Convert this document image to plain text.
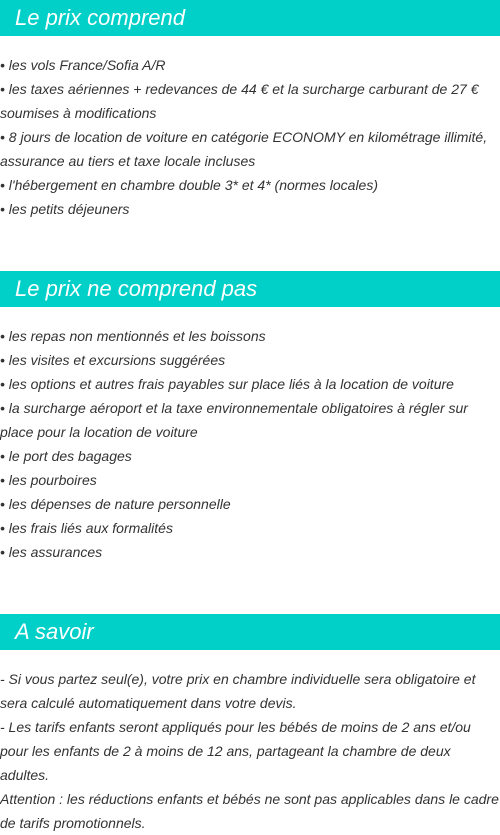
Le prix comprend

• les vols France/Sofia A/R

• les taxes aériennes + redevances de 44 € et la surcharge carburant de 27 € soumises à modifications

• 8 jours de location de voiture en catégorie ECONOMY en kilométrage illimité, assurance au tiers et taxe locale incluses

• l'hébergement en chambre double 3* et 4* (normes locales)

• les petits déjeuners

Le prix ne comprend pas

• les repas non mentionnés et les boissons

• les visites et excursions suggérées

• les options et autres frais payables sur place liés à la location de voiture

• la surcharge aéroport et la taxe environnementale obligatoires à régler sur place pour la location de voiture

• le port des bagages

• les pourboires

• les dépenses de nature personnelle

• les frais liés aux formalités

• les assurances

A savoir

- Si vous partez seul(e), votre prix en chambre individuelle sera obligatoire et sera calculé automatiquement dans votre devis.

- Les tarifs enfants seront appliqués pour les bébés de moins de 2 ans et/ou pour les enfants de 2 à moins de 12 ans, partageant la chambre de deux adultes.

Attention : les réductions enfants et bébés ne sont pas applicables dans le cadre de tarifs promotionnels.
